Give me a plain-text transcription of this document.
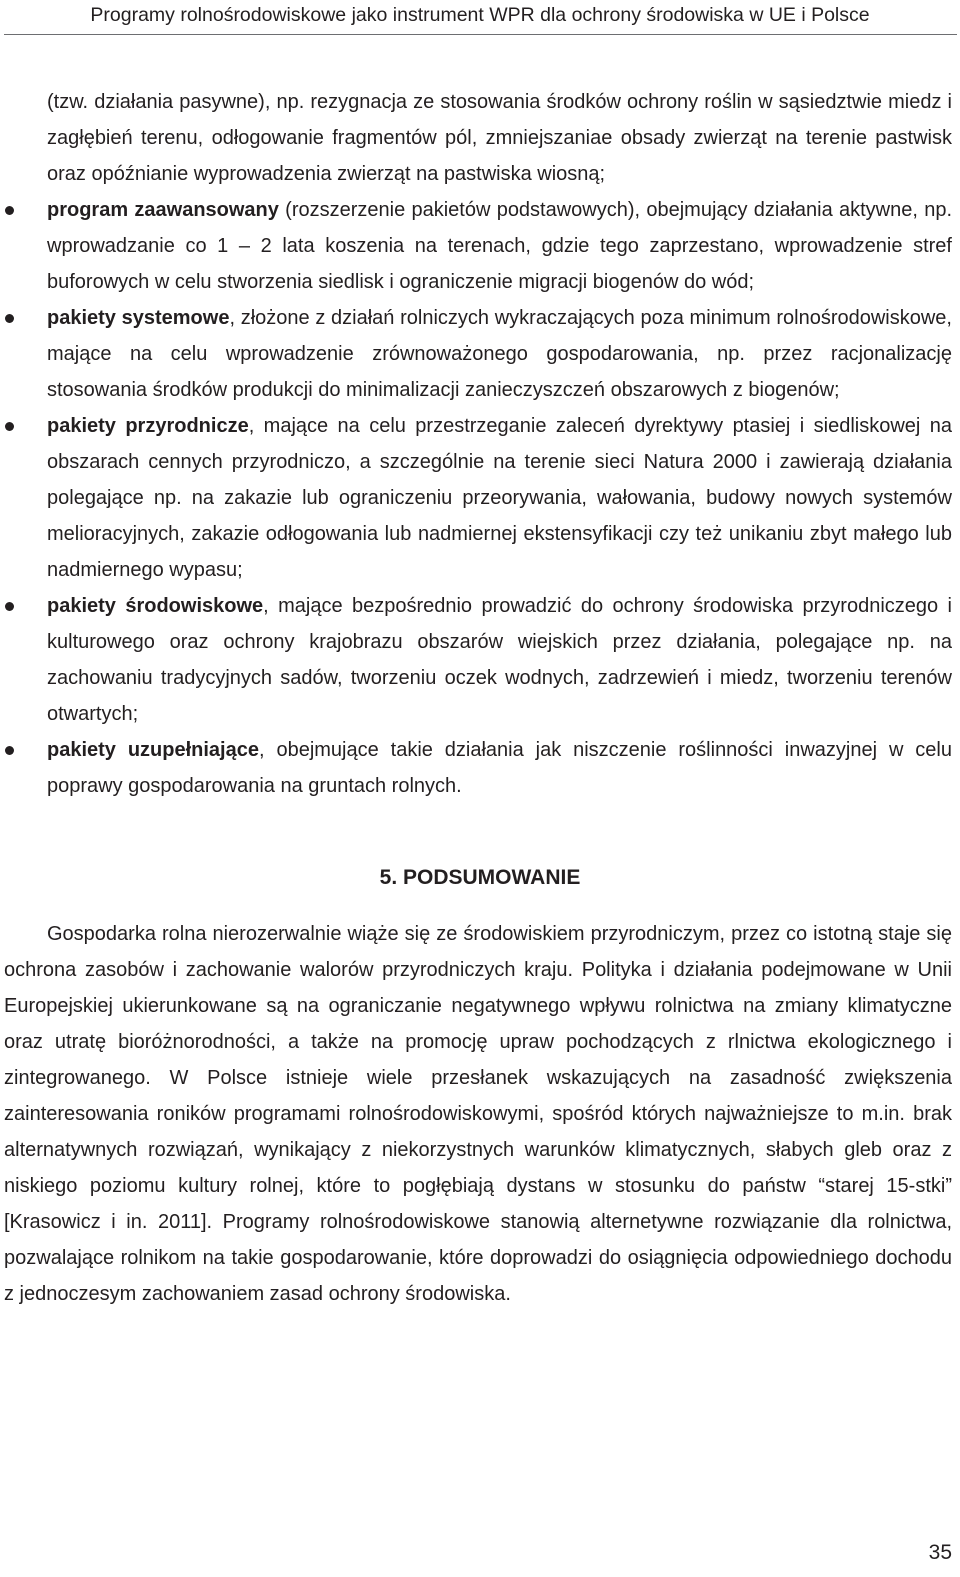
Programy rolnośrodowiskowe jako instrument WPR dla ochrony środowiska w UE i Polsce

(tzw. działania pasywne), np. rezygnacja ze stosowania środków ochrony roślin w sąsiedztwie miedz i zagłębień terenu, odłogowanie fragmentów pól, zmniejszaniae obsady zwierząt na terenie pastwisk oraz opóźnianie wyprowadzenia zwierząt na pastwiska wiosną;

program zaawansowany (rozszerzenie pakietów podstawowych), obejmujący działania aktywne, np. wprowadzanie co 1 – 2 lata koszenia na terenach, gdzie tego zaprzestano, wprowadzenie stref buforowych w celu stworzenia siedlisk i ograniczenie migracji biogenów do wód;
pakiety systemowe, złożone z działań rolniczych wykraczających poza minimum rolnośrodowiskowe, mające na celu wprowadzenie zrównoważonego gospodarowania, np. przez racjonalizację stosowania środków produkcji do minimalizacji zanieczyszczeń obszarowych z biogenów;
pakiety przyrodnicze, mające na celu przestrzeganie zaleceń dyrektywy ptasiej i siedliskowej na obszarach cennych przyrodniczo, a szczególnie na terenie sieci Natura 2000 i zawierają działania polegające np. na zakazie lub ograniczeniu przeorywania, wałowania, budowy nowych systemów melioracyjnych, zakazie odłogowania lub nadmiernej ekstensyfikacji czy też unikaniu zbyt małego lub nadmiernego wypasu;
pakiety środowiskowe, mające bezpośrednio prowadzić do ochrony środowiska przyrodniczego i kulturowego oraz ochrony krajobrazu obszarów wiejskich przez działania, polegające np. na zachowaniu tradycyjnych sadów, tworzeniu oczek wodnych, zadrzewień i miedz, tworzeniu terenów otwartych;
pakiety uzupełniające, obejmujące takie działania jak niszczenie roślinności inwazyjnej w celu poprawy gospodarowania na gruntach rolnych.
5. PODSUMOWANIE

Gospodarka rolna nierozerwalnie wiąże się ze środowiskiem przyrodniczym, przez co istotną staje się ochrona zasobów i zachowanie walorów przyrodniczych kraju. Polityka i działania podejmowane w Unii Europejskiej ukierunkowane są na ograniczanie negatywnego wpływu rolnictwa na zmiany klimatyczne oraz utratę bioróżnorodności, a także na promocję upraw pochodzących z rlnictwa ekologicznego i zintegrowanego. W Polsce istnieje wiele przesłanek wskazujących na zasadność zwiększenia zainteresowania roników programami rolnośrodowiskowymi, spośród których najważniejsze to m.in. brak alternatywnych rozwiązań, wynikający z niekorzystnych warunków klimatycznych, słabych gleb oraz z niskiego poziomu kultury rolnej, które to pogłębiają dystans w stosunku do państw “starej 15-stki” [Krasowicz i in. 2011]. Programy rolnośrodowiskowe stanowią alternetywne rozwiązanie dla rolnictwa, pozwalające rolnikom na takie gospodarowanie, które doprowadzi do osiągnięcia odpowiedniego dochodu z jednoczesym zachowaniem zasad ochrony środowiska.

35
